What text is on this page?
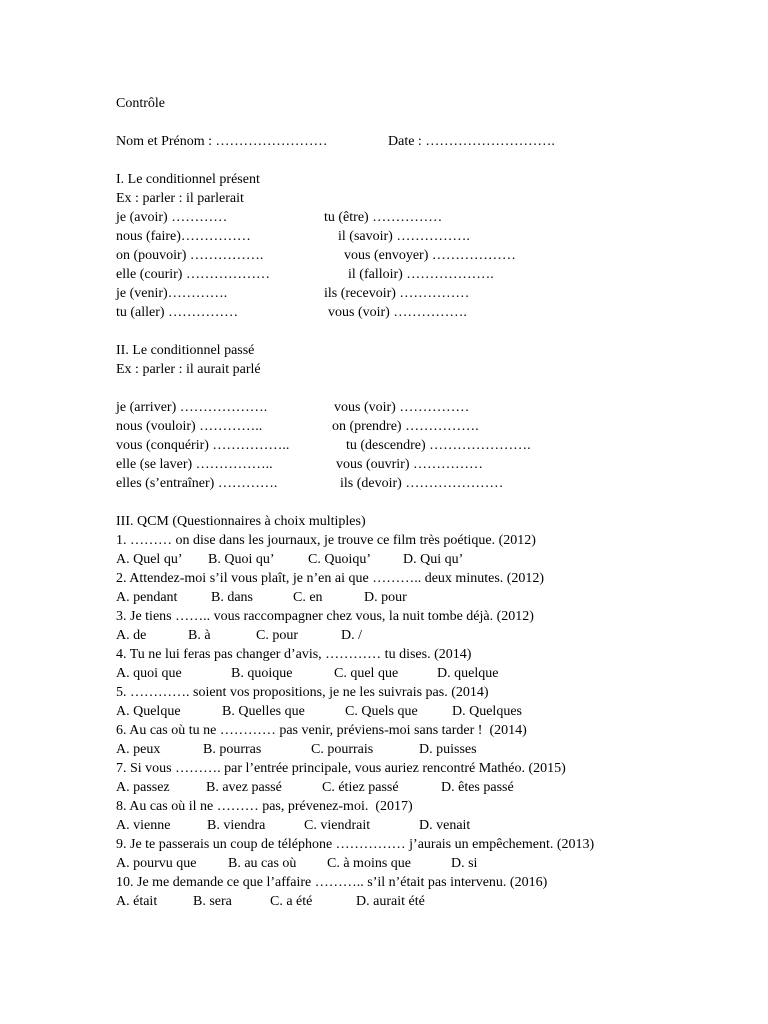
Contrôle
Nom et Prénom : ……………………	Date : ……………………….
I. Le conditionnel présent
Ex : parler : il parlerait
je (avoir) …………	tu (être) ……………
nous (faire)……………	il (savoir) …………….
on (pouvoir) …………….	vous (envoyer) ………………
elle (courir) ………………	il (falloir) ……………….
je (venir)………….	ils (recevoir) ……………
tu (aller) ……………	vous (voir) …………….
II. Le conditionnel passé
Ex : parler : il aurait parlé
je (arriver) ……………….	vous (voir) ……………
nous (vouloir) …………..	on (prendre) …………….
vous (conquérir) ……………..	tu (descendre) ………………….
elle (se laver) ……………..	vous (ouvrir) ……………
elles (s’entraîner) ………….	ils (devoir) …………………
III. QCM (Questionnaires à choix multiples)
1. ……… on dise dans les journaux, je trouve ce film très poétique. (2012)
A. Quel qu’ B. Quoi qu’ C. Quoiqu’ D. Qui qu’
2. Attendez-moi s’il vous plaît, je n’en ai que ……….. deux minutes. (2012)
A. pendant B. dans	C. en	D. pour
3. Je tiens …….. vous raccompagner chez vous, la nuit tombe déjà. (2012)
A. de	B. à	C. pour	D. /
4. Tu ne lui feras pas changer d’avis, ………… tu dises. (2014)
A. quoi que	B. quoique	C. quel que	D. quelque
5. …………. soient vos propositions, je ne les suivrais pas. (2014)
A. Quelque	B. Quelles que	C. Quels que D. Quelques
6. Au cas où tu ne ………… pas venir, préviens-moi sans tarder !  (2014)
A. peux	B. pourras	C. pourrais	D. puisses
7. Si vous ………. par l’entrée principale, vous auriez rencontré Mathéo. (2015)
A. passez	B. avez passé	C. étiez passé	D. êtes passé
8. Au cas où il ne ……… pas, prévenez-moi.  (2017)
A. vienne	B. viendra	C. viendrait	D. venait
9. Je te passerais un coup de téléphone …………… j’aurais un empêchement. (2013)
A. pourvu que B. au cas où C. à moins que	D. si
10. Je me demande ce que l’affaire ……….. s’il n’était pas intervenu. (2016)
A. était	B. sera	C. a été	D. aurait été
